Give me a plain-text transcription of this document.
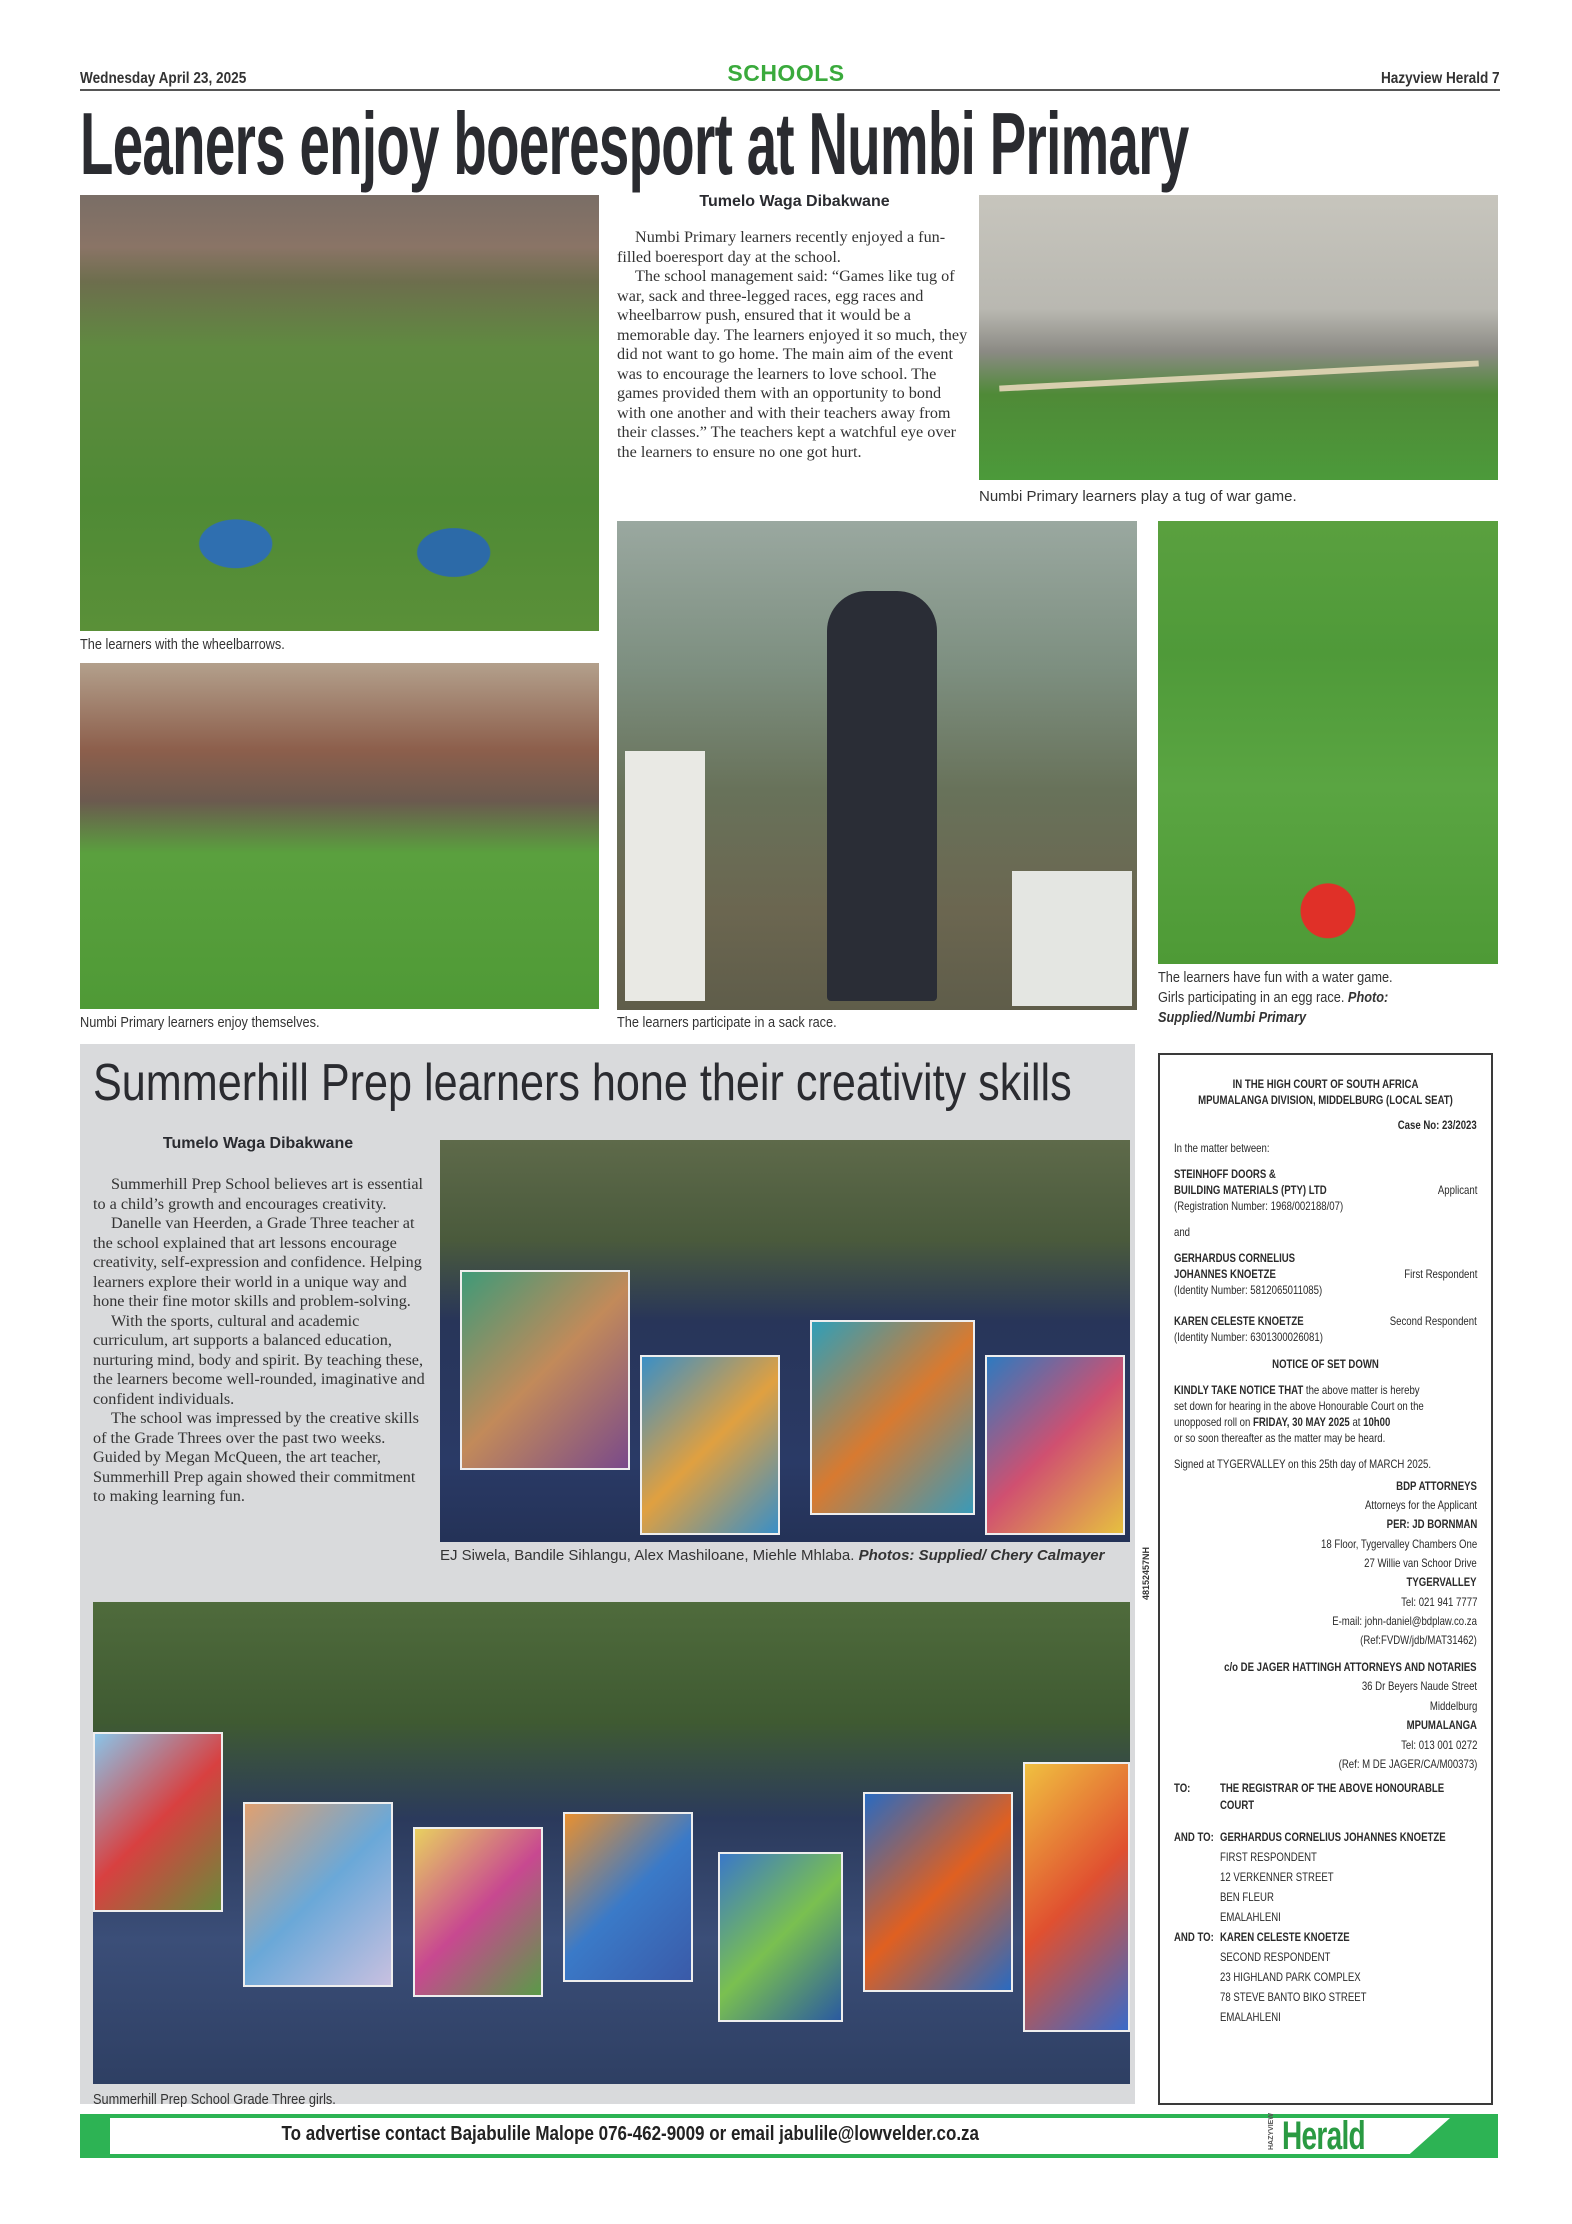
Wednesday April 23, 2025	SCHOOLS	Hazyview Herald 7
Leaners enjoy boeresport at Numbi Primary
The learners with the wheelbarrows.
Tumelo Waga Dibakwane

Numbi Primary learners recently enjoyed a fun-filled boeresport day at the school.

The school management said: “Games like tug of war, sack and three-legged races, egg races and wheelbarrow push, ensured that it would be a memorable day. The learners enjoyed it so much, they did not want to go home. The main aim of the event was to encourage the learners to love school. The games provided them with an opportunity to bond with one another and with their teachers away from their classes.” The teachers kept a watchful eye over the learners to ensure no one got hurt.

Numbi Primary learners play a tug of war game.
Numbi Primary learners enjoy themselves.	The learners participate in a sack race.
The learners have fun with a water game.
Girls participating in an egg race. Photo:
Supplied/Numbi Primary
Summerhill Prep learners hone their creativity skills
Tumelo Waga Dibakwane

Summerhill Prep School believes art is essential to a child’s growth and encourages creativity.

Danelle van Heerden, a Grade Three teacher at the school explained that art lessons encourage creativity, self-expression and confidence. Helping learners explore their world in a unique way and hone their fine motor skills and problem-solving.

With the sports, cultural and academic curriculum, art supports a balanced education, nurturing mind, body and spirit. By teaching these, the learners become well-rounded, imaginative and confident individuals.

The school was impressed by the creative skills of the Grade Threes over the past two weeks. Guided by Megan McQueen, the art teacher, Summerhill Prep again showed their commitment to making learning fun.

EJ Siwela, Bandile Sihlangu, Alex Mashiloane, Miehle Mhlaba. Photos: Supplied/ Chery Calmayer
Summerhill Prep School Grade Three girls.
IN THE HIGH COURT OF SOUTH AFRICA
MPUMALANGA DIVISION, MIDDELBURG (LOCAL SEAT)
Case No: 23/2023
In the matter between:
STEINHOFF DOORS &
BUILDING MATERIALS (PTY) LTD	Applicant
(Registration Number: 1968/002188/07)
and
GERHARDUS CORNELIUS
JOHANNES KNOETZE	First Respondent
(Identity Number: 5812065011085)
KAREN CELESTE KNOETZE	Second Respondent
(Identity Number: 6301300026081)
NOTICE OF SET DOWN
KINDLY TAKE NOTICE THAT the above matter is hereby
set down for hearing in the above Honourable Court on the
unopposed roll on FRIDAY, 30 MAY 2025 at 10h00
or so soon thereafter as the matter may be heard.
Signed at TYGERVALLEY on this 25th day of MARCH 2025.
BDP ATTORNEYS
Attorneys for the Applicant
PER: JD BORNMAN
18 Floor, Tygervalley Chambers One
27 Willie van Schoor Drive
TYGERVALLEY
Tel: 021 941 7777
E-mail: john-daniel@bdplaw.co.za
(Ref:FVDW/jdb/MAT31462)
c/o DE JAGER HATTINGH ATTORNEYS AND NOTARIES
36 Dr Beyers Naude Street
Middelburg
MPUMALANGA
Tel: 013 001 0272
(Ref: M DE JAGER/CA/M00373)
TO: THE REGISTRAR OF THE ABOVE HONOURABLE
COURT
AND TO: GERHARDUS CORNELIUS JOHANNES KNOETZE
FIRST RESPONDENT
12 VERKENNER STREET
BEN FLEUR
EMALAHLENI
AND TO: KAREN CELESTE KNOETZE
SECOND RESPONDENT
23 HIGHLAND PARK COMPLEX
78 STEVE BANTO BIKO STREET
EMALAHLENI
48152457NH
To advertise contact Bajabulile Malope 076-462-9009 or email jabulile@lowvelder.co.za	HAZYVIEW Herald
